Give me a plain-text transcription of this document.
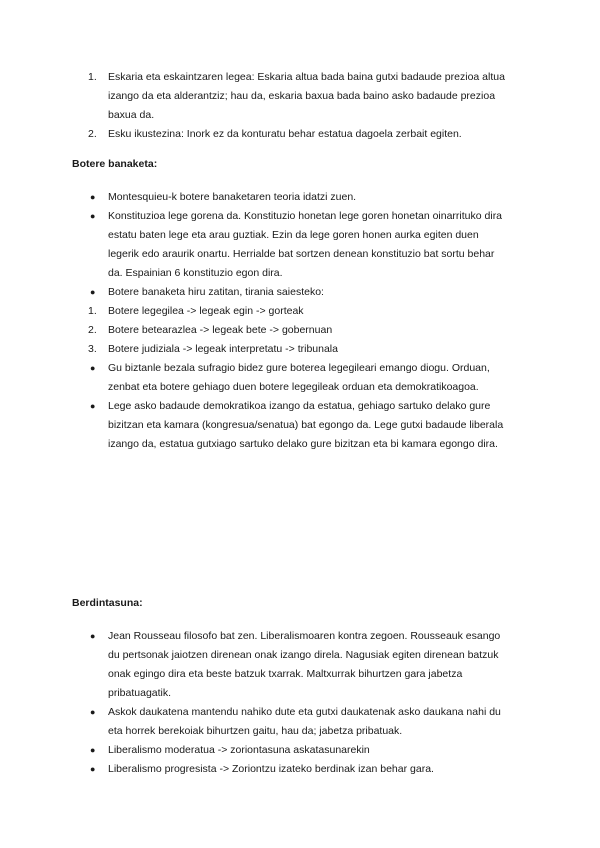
1. Eskaria eta eskaintzaren legea: Eskaria altua bada baina gutxi badaude prezioa altua izango da eta alderantziz; hau da, eskaria baxua bada baino asko badaude prezioa baxua da.
2. Esku ikustezina: Inork ez da konturatu behar estatua dagoela zerbait egiten.
Botere banaketa:
● Montesquieu-k botere banaketaren teoria idatzi zuen.
● Konstituzioa lege gorena da. Konstituzio honetan lege goren honetan oinarrituko dira estatu baten lege eta arau guztiak. Ezin da lege goren honen aurka egiten duen legerik edo araurik onartu. Herrialde bat sortzen denean konstituzio bat sortu behar da. Espainian 6 konstituzio egon dira.
● Botere banaketa hiru zatitan, tirania saiesteko:
1. Botere legegilea -> legeak egin -> gorteak
2. Botere betearazlea -> legeak bete -> gobernuan
3. Botere judiziala -> legeak interpretatu -> tribunala
● Gu biztanle bezala sufragio bidez gure boterea legegileari emango diogu. Orduan, zenbat eta botere gehiago duen botere legegileak orduan eta demokratikoagoa.
● Lege asko badaude demokratikoa izango da estatua, gehiago sartuko delako gure bizitzan eta kamara (kongresua/senatua) bat egongo da. Lege gutxi badaude liberala izango da, estatua gutxiago sartuko delako gure bizitzan eta bi kamara egongo dira.
Berdintasuna:
● Jean Rousseau filosofo bat zen. Liberalismoaren kontra zegoen. Rousseauk esango du pertsonak jaiotzen direnean onak izango direla. Nagusiak egiten direnean batzuk onak egingo dira eta beste batzuk txarrak. Maltxurrak bihurtzen gara jabetza pribatuagatik.
● Askok daukatena mantendu nahiko dute eta gutxi daukatenak asko daukana nahi du eta horrek berekoiak bihurtzen gaitu, hau da; jabetza pribatuak.
● Liberalismo moderatua -> zoriontasuna askatasunarekin
● Liberalismo progresista -> Zoriontzu izateko berdinak izan behar gara.
